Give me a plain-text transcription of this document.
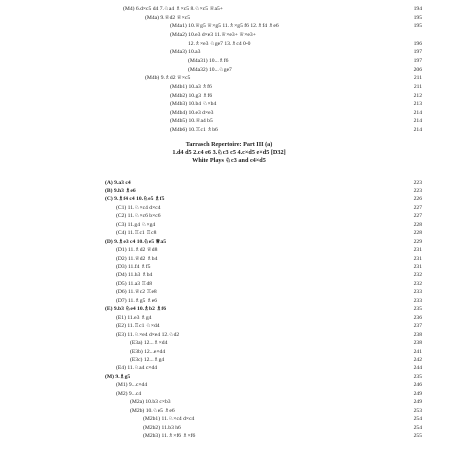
(M4) 6.d×c5 d4 7.♘a4 ♗×c5 8.♘×c5 ♕a5+	194
(M4a) 9.♕d2 ♕×c5	195
(M4a1) 10.♕g5 ♕×g5 11.♗×g5 f6 12.♗f4 ♗e6	195
(M4a2) 10.e3 d×e3 11.♕×e3+ ♕×e3+
12.♗×e3 ♘ge7 13.♗c4 0-0	196
(M4a3) 10.a3	197
(M4a31) 10...♗f6	197
(M4a32) 10...♘ge7	206
(M4b) 9.♗d2 ♕×c5	211
(M4b1) 10.a3 ♗f6	211
(M4b2) 10.g3 ♗f6	212
(M4b3) 10.b4 ♘×b4	213
(M4b4) 10.e3 d×e3	214
(M4b5) 10.♕a4 b5	214
(M4b6) 10.♖c1 ♗b6	214
Tarrasch Repertoire: Part III (a)
1.d4 d5 2.c4 e6 3.♘c3 c5 4.c×d5 e×d5 [D32]
White Plays ♘c3 and c4×d5
(A) 9.a3 c4	223
(B) 9.h3 ♗e6	223
(C) 9.♗f4 c4 10.♘e5 ♗f5	226
(C1) 11.♘×c4 d×c4	227
(C2) 11.♘×c6 b×c6	227
(C3) 11.g4 ♘×g4	228
(C4) 11.♖c1 ♖c8	228
(D) 9.♗e3 c4 10.♘e5 ♕a5	229
(D1) 11.♗d2 ♕d8	231
(D2) 11.♕d2 ♗b4	231
(D3) 11.f4 ♗f5	231
(D4) 11.h3 ♗b4	232
(D5) 11.a3 ♖d8	232
(D6) 11.♕c2 ♖e8	233
(D7) 11.♗g5 ♗e6	233
(E) 9.b3 ♘e4 10.♗b2 ♗f6	235
(E1) 11.e3 ♗g4	236
(E2) 11.♖c1 ♘×d4	237
(E3) 11.♘×e4 d×e4 12.♘d2	238
(E3a) 12...♗×d4	238
(E3b) 12...e×d4	241
(E3c) 12...♗g4	242
(E4) 11.♘a4 c×d4	244
(M) 9.♗g5	235
(M1) 9...c×d4	246
(M2) 9...c4	249
(M2a) 10.b3 c×b3	249
(M2b) 10.♘e5 ♗e6	253
(M2b1) 11.♘×c4 d×c4	254
(M2b2) 11.b3 h6	254
(M2b3) 11.♗×f6 ♗×f6	255
